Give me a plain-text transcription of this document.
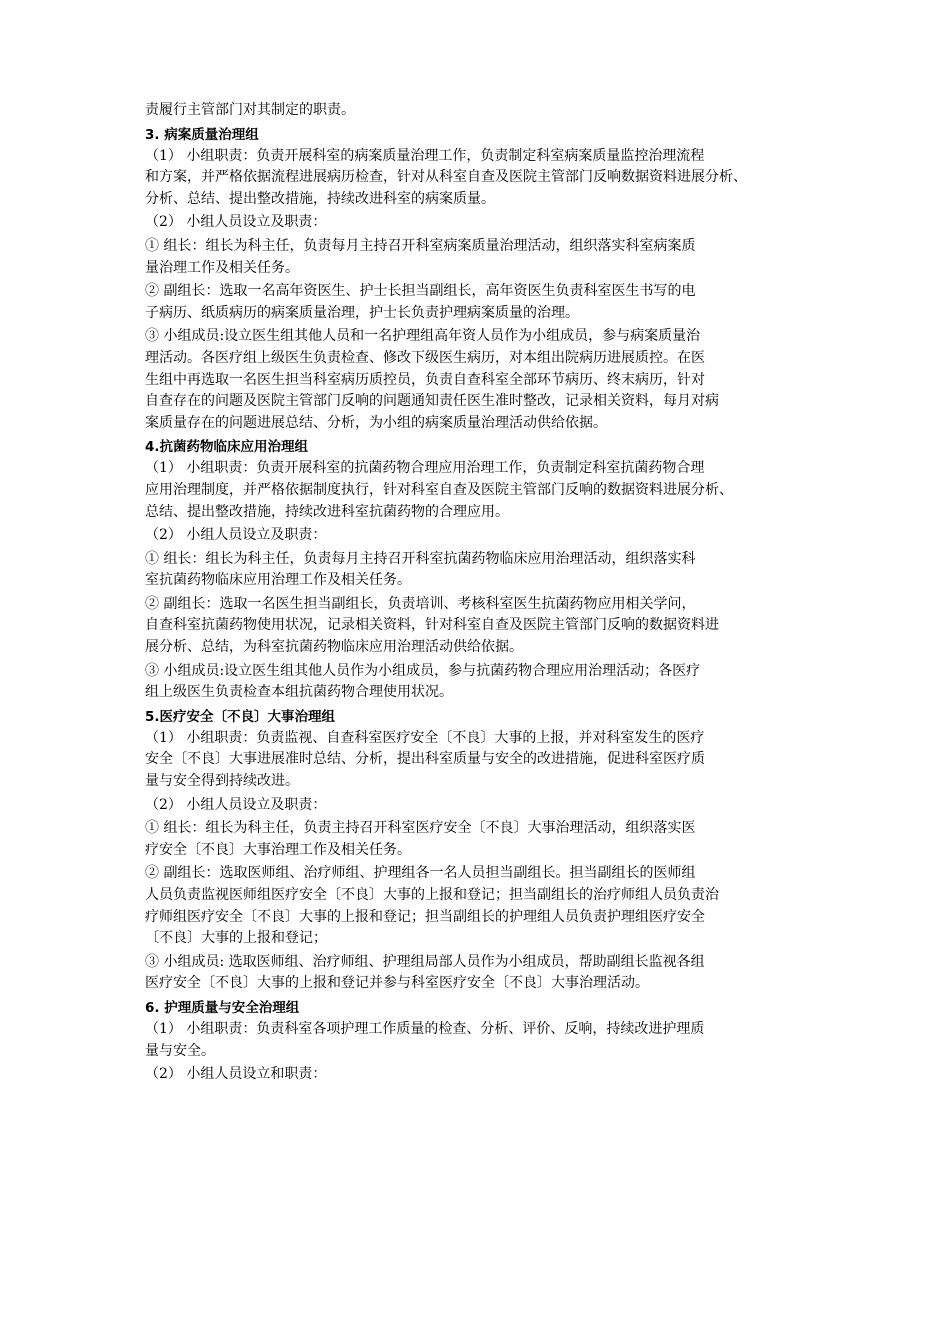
责履行主管部门对其制定的职责。
3. 病案质量治理组
（1） 小组职责：负责开展科室的病案质量治理工作，负责制定科室病案质量监控治理流程
和方案，并严格依据流程进展病历检查，针对从科室自查及医院主管部门反响数据资料进展分析、
分析、总结、提出整改措施，持续改进科室的病案质量。
（2） 小组人员设立及职责：
① 组长：组长为科主任，负责每月主持召开科室病案质量治理活动，组织落实科室病案质
量治理工作及相关任务。
② 副组长：选取一名高年资医生、护士长担当副组长，高年资医生负责科室医生书写的电
子病历、纸质病历的病案质量治理，护士长负责护理病案质量的治理。
③ 小组成员:设立医生组其他人员和一名护理组高年资人员作为小组成员，参与病案质量治
理活动。各医疗组上级医生负责检查、修改下级医生病历，对本组出院病历进展质控。在医
生组中再选取一名医生担当科室病历质控员，负责自查科室全部环节病历、终末病历，针对
自查存在的问题及医院主管部门反响的问题通知责任医生准时整改，记录相关资料，每月对病
案质量存在的问题进展总结、分析，为小组的病案质量治理活动供给依据。
4.抗菌药物临床应用治理组
（1） 小组职责：负责开展科室的抗菌药物合理应用治理工作，负责制定科室抗菌药物合理
应用治理制度，并严格依据制度执行，针对科室自查及医院主管部门反响的数据资料进展分析、
总结、提出整改措施，持续改进科室抗菌药物的合理应用。
（2） 小组人员设立及职责：
① 组长：组长为科主任，负责每月主持召开科室抗菌药物临床应用治理活动，组织落实科
室抗菌药物临床应用治理工作及相关任务。
② 副组长：选取一名医生担当副组长，负责培训、考核科室医生抗菌药物应用相关学问，
自查科室抗菌药物使用状况，记录相关资料，针对科室自查及医院主管部门反响的数据资料进
展分析、总结，为科室抗菌药物临床应用治理活动供给依据。
③ 小组成员:设立医生组其他人员作为小组成员，参与抗菌药物合理应用治理活动；各医疗
组上级医生负责检查本组抗菌药物合理使用状况。
5.医疗安全〔不良〕大事治理组
（1） 小组职责：负责监视、自查科室医疗安全〔不良〕大事的上报，并对科室发生的医疗
安全〔不良〕大事进展准时总结、分析，提出科室质量与安全的改进措施，促进科室医疗质
量与安全得到持续改进。
（2） 小组人员设立及职责：
① 组长：组长为科主任，负责主持召开科室医疗安全〔不良〕大事治理活动，组织落实医
疗安全〔不良〕大事治理工作及相关任务。
② 副组长：选取医师组、治疗师组、护理组各一名人员担当副组长。担当副组长的医师组
人员负责监视医师组医疗安全〔不良〕大事的上报和登记；担当副组长的治疗师组人员负责治
疗师组医疗安全〔不良〕大事的上报和登记；担当副组长的护理组人员负责护理组医疗安全
〔不良〕大事的上报和登记；
③ 小组成员: 选取医师组、治疗师组、护理组局部人员作为小组成员，帮助副组长监视各组
医疗安全〔不良〕大事的上报和登记并参与科室医疗安全〔不良〕大事治理活动。
6. 护理质量与安全治理组
（1） 小组职责：负责科室各项护理工作质量的检查、分析、评价、反响，持续改进护理质
量与安全。
（2） 小组人员设立和职责：
